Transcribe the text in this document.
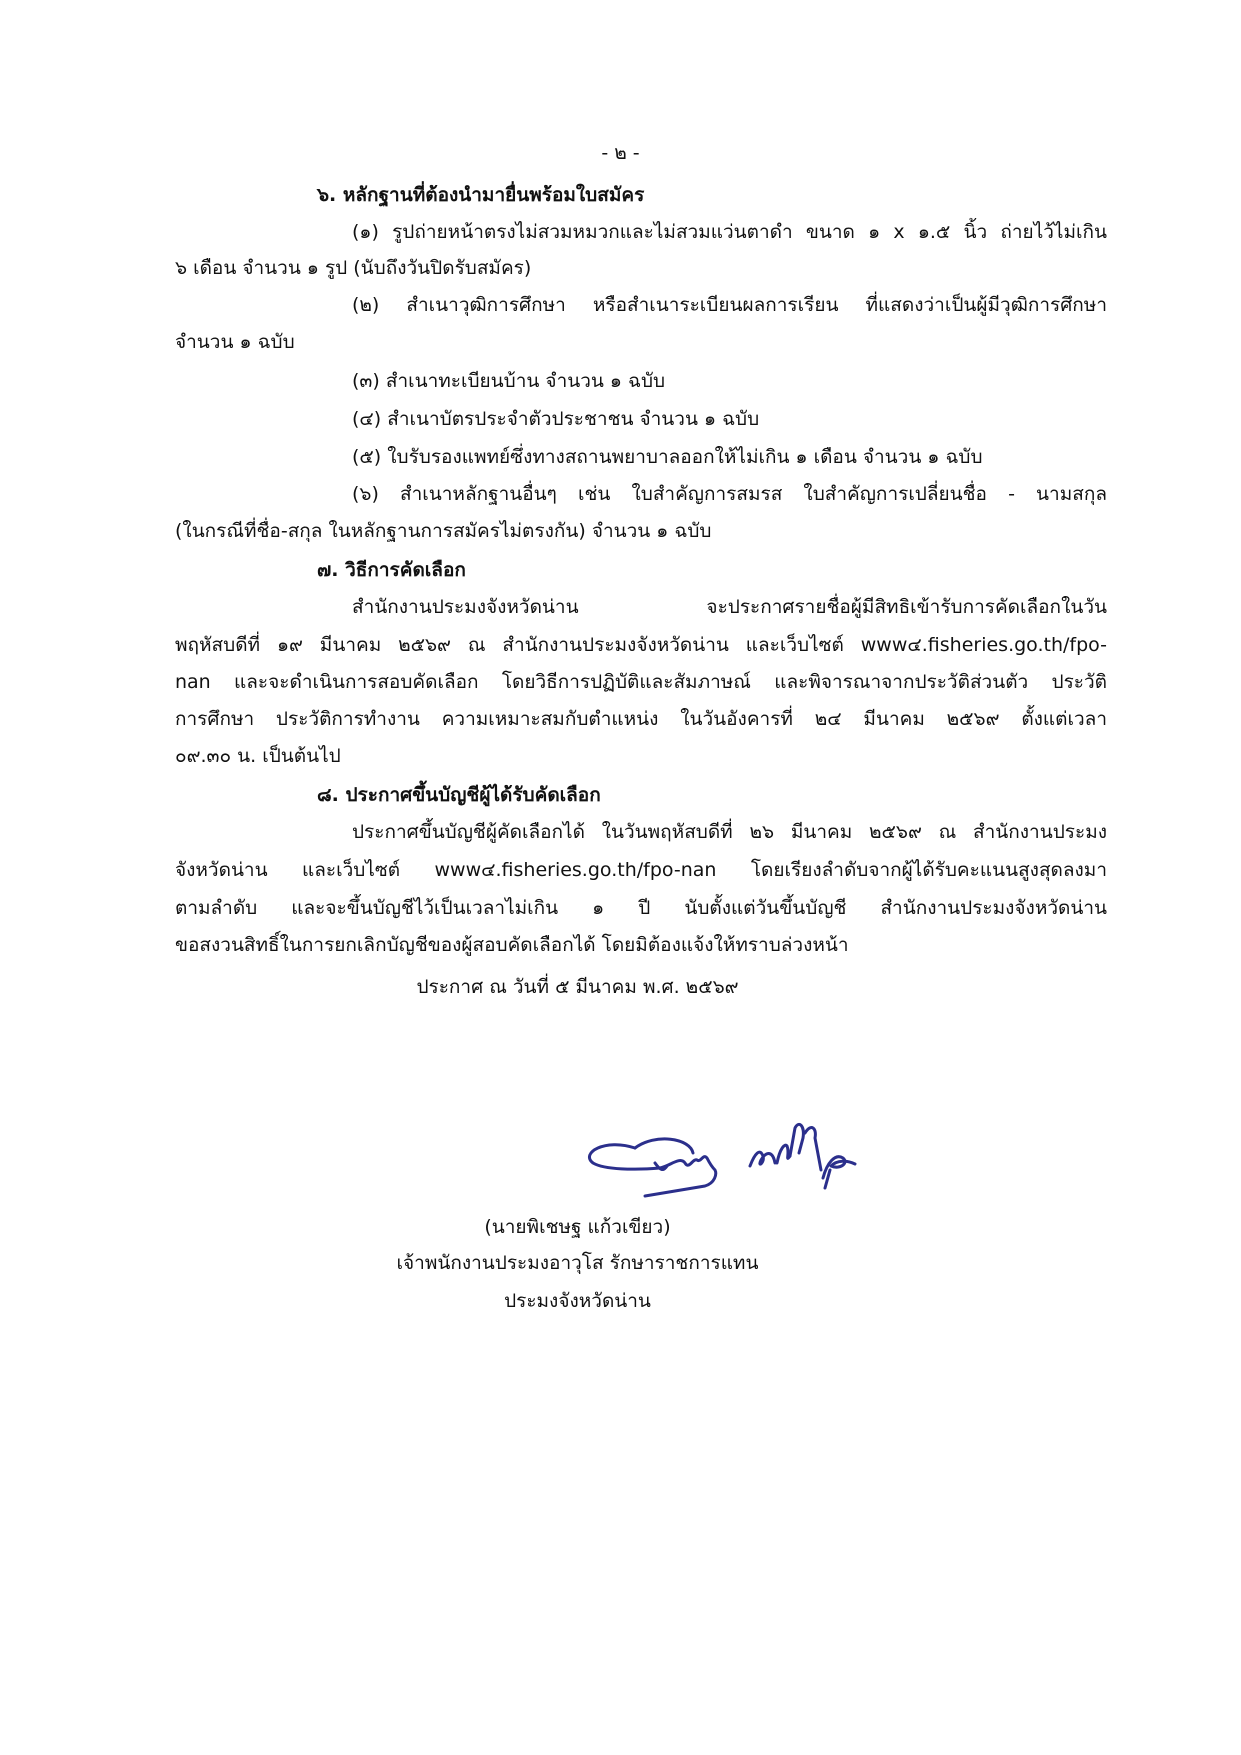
- ๒ -
๖. หลักฐานที่ต้องนำมายื่นพร้อมใบสมัคร
(๑) รูปถ่ายหน้าตรงไม่สวมหมวกและไม่สวมแว่นตาดำ ขนาด ๑ x ๑.๕ นิ้ว ถ่ายไว้ไม่เกิน
๖ เดือน จำนวน ๑ รูป (นับถึงวันปิดรับสมัคร)
(๒) สำเนาวุฒิการศึกษา หรือสำเนาระเบียนผลการเรียน ที่แสดงว่าเป็นผู้มีวุฒิการศึกษา
จำนวน ๑ ฉบับ
(๓) สำเนาทะเบียนบ้าน จำนวน ๑ ฉบับ
(๔) สำเนาบัตรประจำตัวประชาชน จำนวน ๑ ฉบับ
(๕) ใบรับรองแพทย์ซึ่งทางสถานพยาบาลออกให้ไม่เกิน ๑ เดือน จำนวน ๑ ฉบับ
(๖) สำเนาหลักฐานอื่นๆ เช่น ใบสำคัญการสมรส ใบสำคัญการเปลี่ยนชื่อ - นามสกุล
(ในกรณีที่ชื่อ-สกุล ในหลักฐานการสมัครไม่ตรงกัน) จำนวน ๑ ฉบับ
๗. วิธีการคัดเลือก
สำนักงานประมงจังหวัดน่าน จะประกาศรายชื่อผู้มีสิทธิเข้ารับการคัดเลือกในวัน
พฤหัสบดีที่ ๑๙ มีนาคม ๒๕๖๙ ณ สำนักงานประมงจังหวัดน่าน และเว็บไซต์ www๔.fisheries.go.th/fpo-
nan และจะดำเนินการสอบคัดเลือก โดยวิธีการปฏิบัติและสัมภาษณ์ และพิจารณาจากประวัติส่วนตัว ประวัติ
การศึกษา ประวัติการทำงาน ความเหมาะสมกับตำแหน่ง ในวันอังคารที่ ๒๔ มีนาคม ๒๕๖๙ ตั้งแต่เวลา
๐๙.๓๐ น. เป็นต้นไป
๘. ประกาศขึ้นบัญชีผู้ได้รับคัดเลือก
ประกาศขึ้นบัญชีผู้คัดเลือกได้ ในวันพฤหัสบดีที่ ๒๖ มีนาคม ๒๕๖๙ ณ สำนักงานประมง
จังหวัดน่าน และเว็บไซต์ www๔.fisheries.go.th/fpo-nan โดยเรียงลำดับจากผู้ได้รับคะแนนสูงสุดลงมา
ตามลำดับ และจะขึ้นบัญชีไว้เป็นเวลาไม่เกิน ๑ ปี นับตั้งแต่วันขึ้นบัญชี สำนักงานประมงจังหวัดน่าน
ขอสงวนสิทธิ์ในการยกเลิกบัญชีของผู้สอบคัดเลือกได้ โดยมิต้องแจ้งให้ทราบล่วงหน้า
ประกาศ ณ วันที่ ๕ มีนาคม พ.ศ. ๒๕๖๙
(นายพิเชษฐ แก้วเขียว)
เจ้าพนักงานประมงอาวุโส รักษาราชการแทน
ประมงจังหวัดน่าน
